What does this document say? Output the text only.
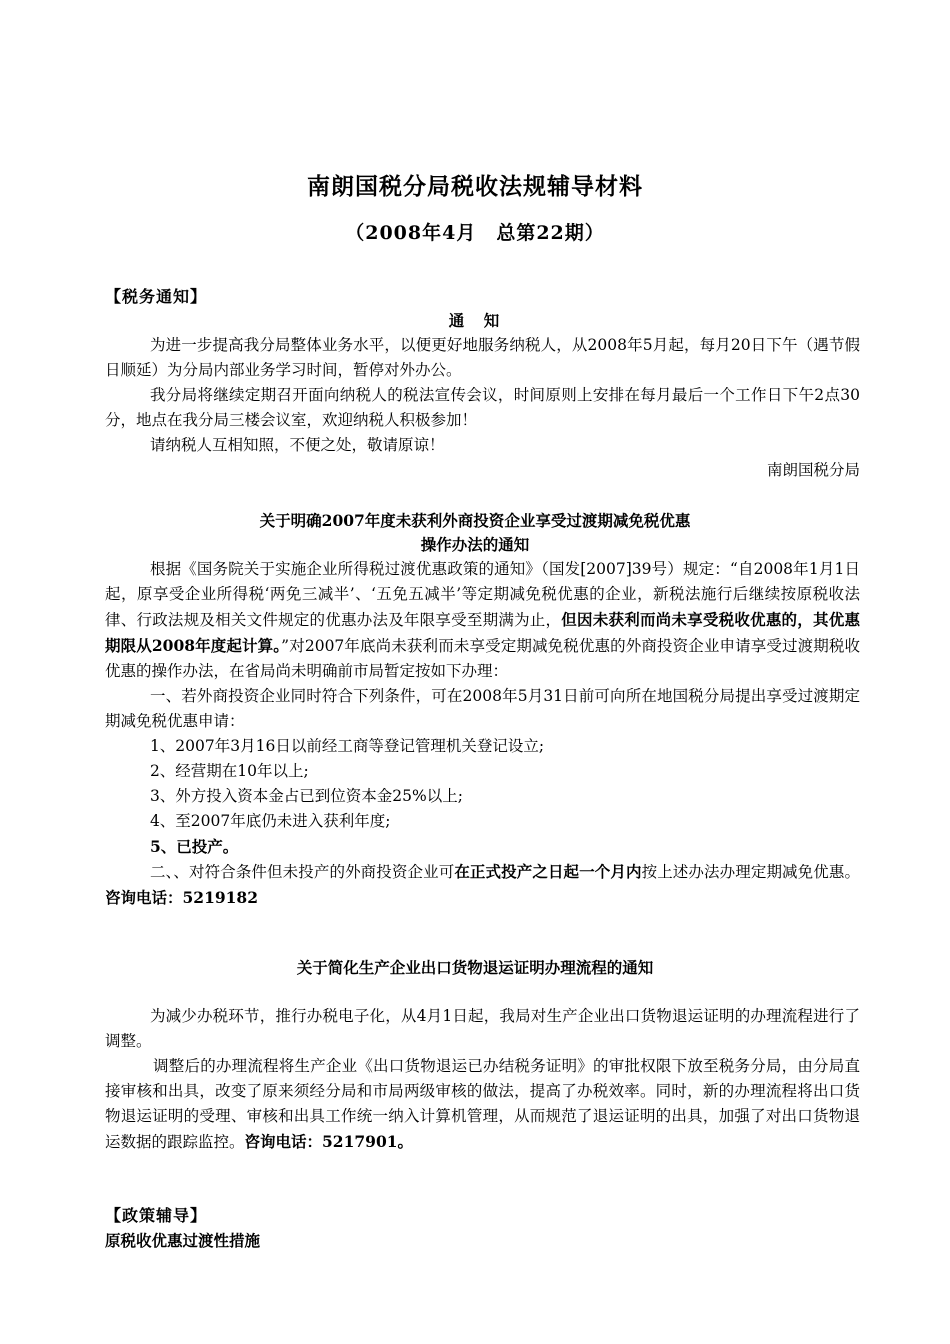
南朗国税分局税收法规辅导材料
（2008年4月　总第22期）

【税务通知】

通　知

为进一步提高我分局整体业务水平，以便更好地服务纳税人，从2008年5月起，每月20日下午（遇节假日顺延）为分局内部业务学习时间，暂停对外办公。

我分局将继续定期召开面向纳税人的税法宣传会议，时间原则上安排在每月最后一个工作日下午2点30分，地点在我分局三楼会议室，欢迎纳税人积极参加！

请纳税人互相知照，不便之处，敬请原谅！

南朗国税分局

关于明确2007年度未获利外商投资企业享受过渡期减免税优惠
操作办法的通知

根据《国务院关于实施企业所得税过渡优惠政策的通知》（国发[2007]39号）规定：“自2008年1月1日起，原享受企业所得税‘两免三减半’、‘五免五减半’等定期减免税优惠的企业，新税法施行后继续按原税收法律、行政法规及相关文件规定的优惠办法及年限享受至期满为止，但因未获利而尚未享受税收优惠的，其优惠期限从2008年度起计算。”对2007年底尚未获利而未享受定期减免税优惠的外商投资企业申请享受过渡期税收优惠的操作办法，在省局尚未明确前市局暂定按如下办理：

一、若外商投资企业同时符合下列条件，可在2008年5月31日前可向所在地国税分局提出享受过渡期定期减免税优惠申请：

1、2007年3月16日以前经工商等登记管理机关登记设立;

2、经营期在10年以上;

3、外方投入资本金占已到位资本金25%以上;

4、至2007年底仍未进入获利年度;

5、已投产。

二、、对符合条件但未投产的外商投资企业可在正式投产之日起一个月内按上述办法办理定期减免优惠。咨询电话：5219182

关于简化生产企业出口货物退运证明办理流程的通知

为减少办税环节，推行办税电子化，从4月1日起，我局对生产企业出口货物退运证明的办理流程进行了调整。

调整后的办理流程将生产企业《出口货物退运已办结税务证明》的审批权限下放至税务分局，由分局直接审核和出具，改变了原来须经分局和市局两级审核的做法，提高了办税效率。同时，新的办理流程将出口货物退运证明的受理、审核和出具工作统一纳入计算机管理，从而规范了退运证明的出具，加强了对出口货物退运数据的跟踪监控。咨询电话：5217901。

【政策辅导】

原税收优惠过渡性措施
